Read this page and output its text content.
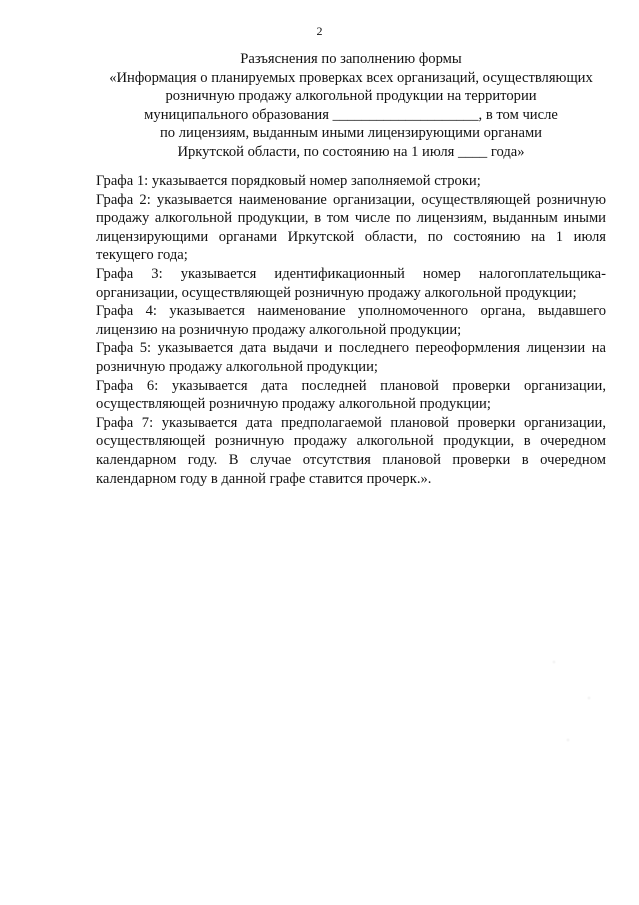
2
Разъяснения по заполнению формы
«Информация о планируемых проверках всех организаций, осуществляющих
розничную продажу алкогольной продукции на территории
муниципального образования ____________________, в том числе
по лицензиям, выданным иными лицензирующими органами
Иркутской области, по состоянию на 1 июля ____ года»

Графа 1: указывается порядковый номер заполняемой строки;

Графа 2: указывается наименование организации, осуществляющей розничную продажу алкогольной продукции, в том числе по лицензиям, выданным иными лицензирующими органами Иркутской области, по состоянию на 1 июля текущего года;

Графа 3: указывается идентификационный номер налогоплательщика-организации, осуществляющей розничную продажу алкогольной продукции;

Графа 4: указывается наименование уполномоченного органа, выдавшего лицензию на розничную продажу алкогольной продукции;

Графа 5: указывается дата выдачи и последнего переоформления лицензии на розничную продажу алкогольной продукции;

Графа 6: указывается дата последней плановой проверки организации, осуществляющей розничную продажу алкогольной продукции;

Графа 7: указывается дата предполагаемой плановой проверки организации, осуществляющей розничную продажу алкогольной продукции, в очередном календарном году. В случае отсутствия плановой проверки в очередном календарном году в данной графе ставится прочерк.».
